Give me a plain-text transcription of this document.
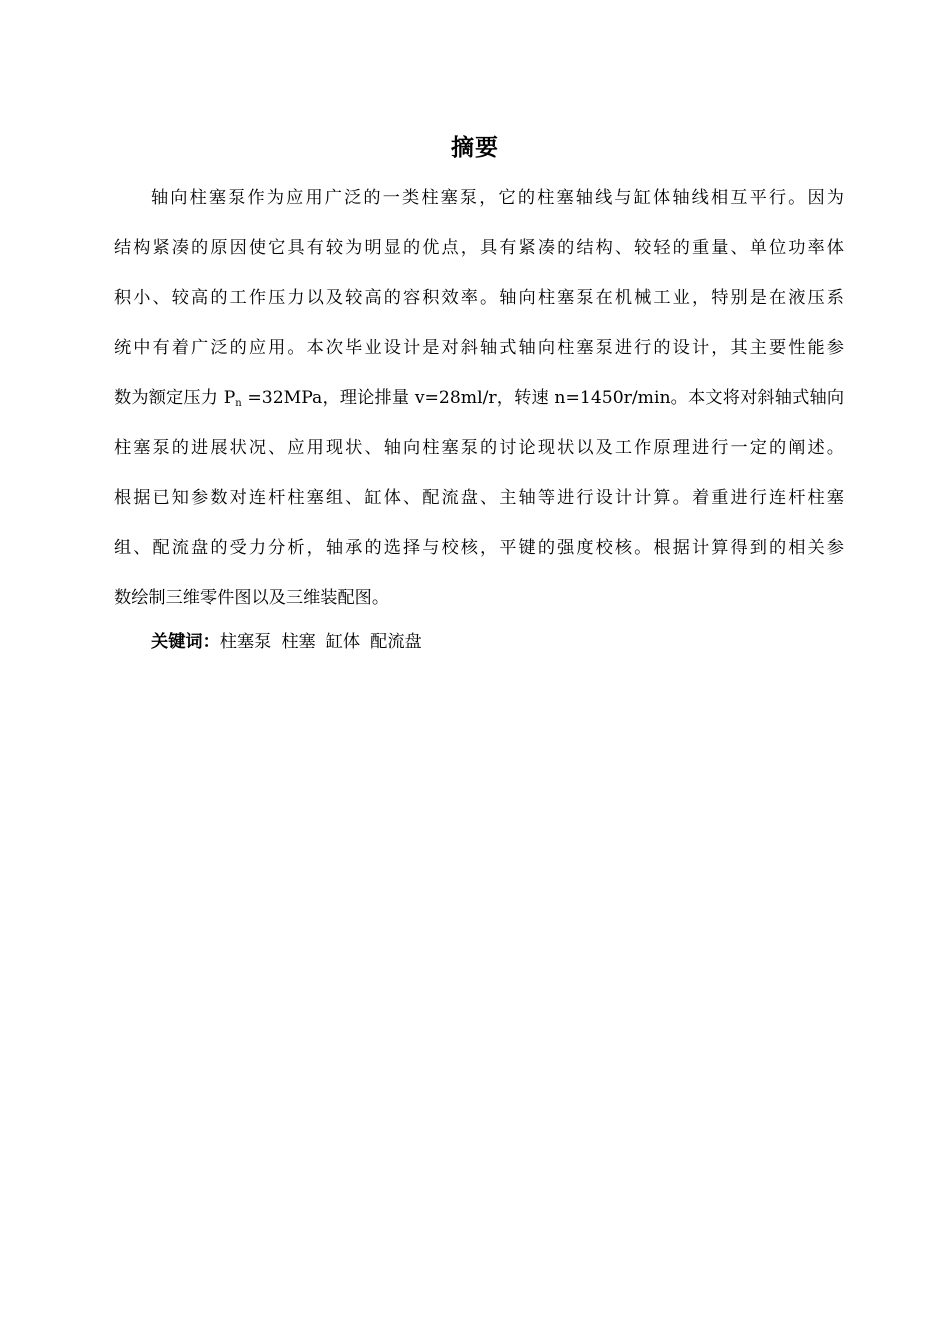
摘要
轴向柱塞泵作为应用广泛的一类柱塞泵，它的柱塞轴线与缸体轴线相互平行。因为
结构紧凑的原因使它具有较为明显的优点，具有紧凑的结构、较轻的重量、单位功率体
积小、较高的工作压力以及较高的容积效率。轴向柱塞泵在机械工业，特别是在液压系
统中有着广泛的应用。本次毕业设计是对斜轴式轴向柱塞泵进行的设计，其主要性能参
数为额定压力 $P_n =32MPa$，理论排量 v=28ml/r，转速 n=1450r/min。本文将对斜轴式轴向
柱塞泵的进展状况、应用现状、轴向柱塞泵的讨论现状以及工作原理进行一定的阐述。
根据已知参数对连杆柱塞组、缸体、配流盘、主轴等进行设计计算。着重进行连杆柱塞
组、配流盘的受力分析，轴承的选择与校核，平键的强度校核。根据计算得到的相关参
数绘制三维零件图以及三维装配图。
关键词：柱塞泵 柱塞 缸体 配流盘
